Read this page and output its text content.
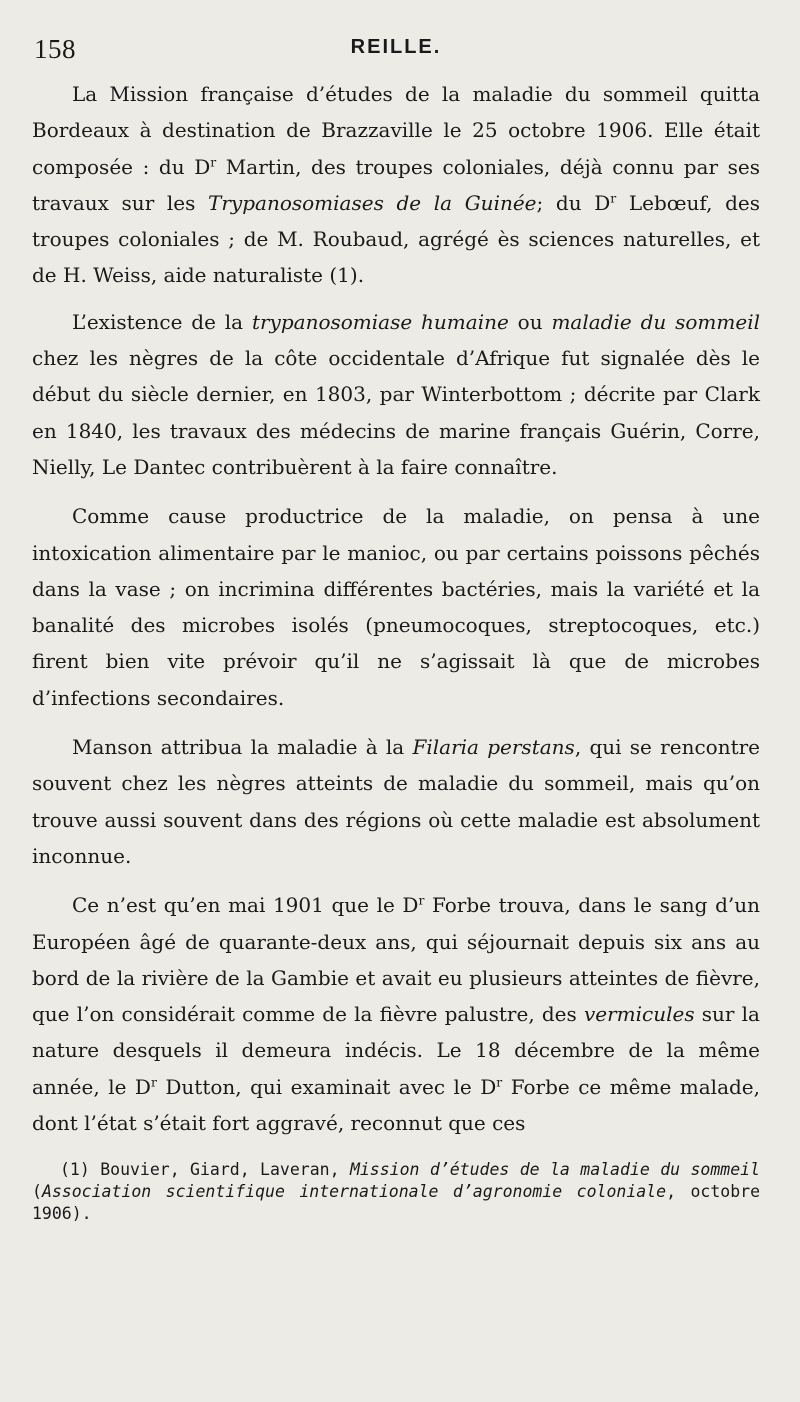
158	REILLE.

La Mission française d’études de la maladie du sommeil quitta Bordeaux à destination de Brazzaville le 25 octobre 1906. Elle était composée : du $D^r$ Martin, des troupes coloniales, déjà connu par ses travaux sur les Trypanosomiases de la Guinée; du $D^r$ Lebœuf, des troupes coloniales ; de M. Roubaud, agrégé ès sciences naturelles, et de H. Weiss, aide naturaliste (1).

L’existence de la trypanosomiase humaine ou maladie du sommeil chez les nègres de la côte occidentale d’Afrique fut signalée dès le début du siècle dernier, en 1803, par Winterbottom ; décrite par Clark en 1840, les travaux des médecins de marine français Guérin, Corre, Nielly, Le Dantec contribuèrent à la faire connaître.

Comme cause productrice de la maladie, on pensa à une intoxication alimentaire par le manioc, ou par certains poissons pêchés dans la vase ; on incrimina différentes bactéries, mais la variété et la banalité des microbes isolés (pneumocoques, streptocoques, etc.) firent bien vite prévoir qu’il ne s’agissait là que de microbes d’infections secondaires.

Manson attribua la maladie à la Filaria perstans, qui se rencontre souvent chez les nègres atteints de maladie du sommeil, mais qu’on trouve aussi souvent dans des régions où cette maladie est absolument inconnue.

Ce n’est qu’en mai 1901 que le $D^r$ Forbe trouva, dans le sang d’un Européen âgé de quarante-deux ans, qui séjournait depuis six ans au bord de la rivière de la Gambie et avait eu plusieurs atteintes de fièvre, que l’on considérait comme de la fièvre palustre, des vermicules sur la nature desquels il demeura indécis. Le 18 décembre de la même année, le $D^r$ Dutton, qui examinait avec le $D^r$ Forbe ce même malade, dont l’état s’était fort aggravé, reconnut que ces

(1) Bouvier, Giard, Laveran, Mission d’études de la maladie du sommeil (Association scientifique internationale d’agronomie coloniale, octobre 1906).
